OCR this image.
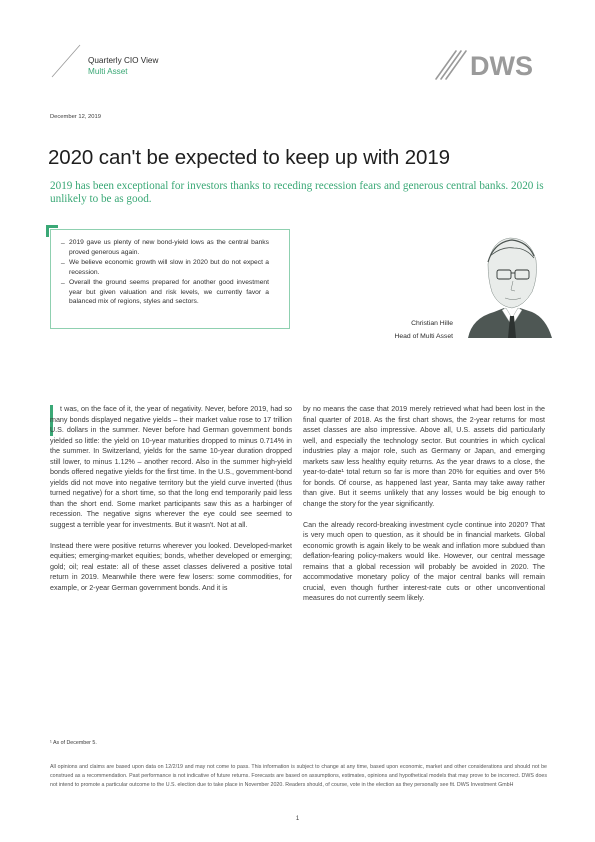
Quarterly CIO View
Multi Asset	DWS
December 12, 2019
2020 can't be expected to keep up with 2019

2019 has been exceptional for investors thanks to receding recession fears and generous central banks. 2020 is unlikely to be as good.

_ 2019 gave us plenty of new bond-yield lows as the central banks proved generous again.
_ We believe economic growth will slow in 2020 but do not expect a recession.
_ Overall the ground seems prepared for another good investment year but given valuation and risk levels, we currently favor a balanced mix of regions, styles and sectors.
Christian Hille
Head of Multi Asset

t was, on the face of it, the year of negativity. Never, before 2019, had so many bonds displayed negative yields – their market value rose to 17 trillion U.S. dollars in the summer. Never before had German government bonds yielded so little: the yield on 10-year maturities dropped to minus 0.714% in the summer. In Switzerland, yields for the same 10-year duration dropped still lower, to minus 1.12% – another record. Also in the summer high-yield bonds offered negative yields for the first time. In the U.S., government-bond yields did not move into negative territory but the yield curve inverted (thus turned negative) for a short time, so that the long end temporarily paid less than the short end. Some market participants saw this as a harbinger of recession. The negative signs wherever the eye could see seemed to suggest a terrible year for investments. But it wasn't. Not at all.

Instead there were positive returns wherever you looked. Developed-market equities; emerging-market equities; bonds, whether developed or emerging; gold; oil; real estate: all of these asset classes delivered a positive total return in 2019. Meanwhile there were few losers: some commodities, for example, or 2-year German government bonds. And it is

by no means the case that 2019 merely retrieved what had been lost in the final quarter of 2018. As the first chart shows, the 2-year returns for most asset classes are also impressive. Above all, U.S. assets did particularly well, and especially the technology sector. But countries in which cyclical industries play a major role, such as Germany or Japan, and emerging markets saw less healthy equity returns. As the year draws to a close, the year-to-date¹ total return so far is more than 20% for equities and over 5% for bonds. Of course, as happened last year, Santa may take away rather than give. But it seems unlikely that any losses would be big enough to change the story for the year significantly.

Can the already record-breaking investment cycle continue into 2020? That is very much open to question, as it should be in financial markets. Global economic growth is again likely to be weak and inflation more subdued than deflation-fearing policy-makers would like. However, our central message remains that a global recession will probably be avoided in 2020. The accommodative monetary policy of the major central banks will remain crucial, even though further interest-rate cuts or other unconventional measures do not currently seem likely.

¹ As of December 5.

All opinions and claims are based upon data on 12/2/19 and may not come to pass. This information is subject to change at any time, based upon economic, market and other considerations and should not be construed as a recommendation. Past performance is not indicative of future returns. Forecasts are based on assumptions, estimates, opinions and hypothetical models that may prove to be incorrect. DWS does not intend to promote a particular outcome to the U.S. election due to take place in November 2020. Readers should, of course, vote in the election as they personally see fit. DWS Investment GmbH

1
